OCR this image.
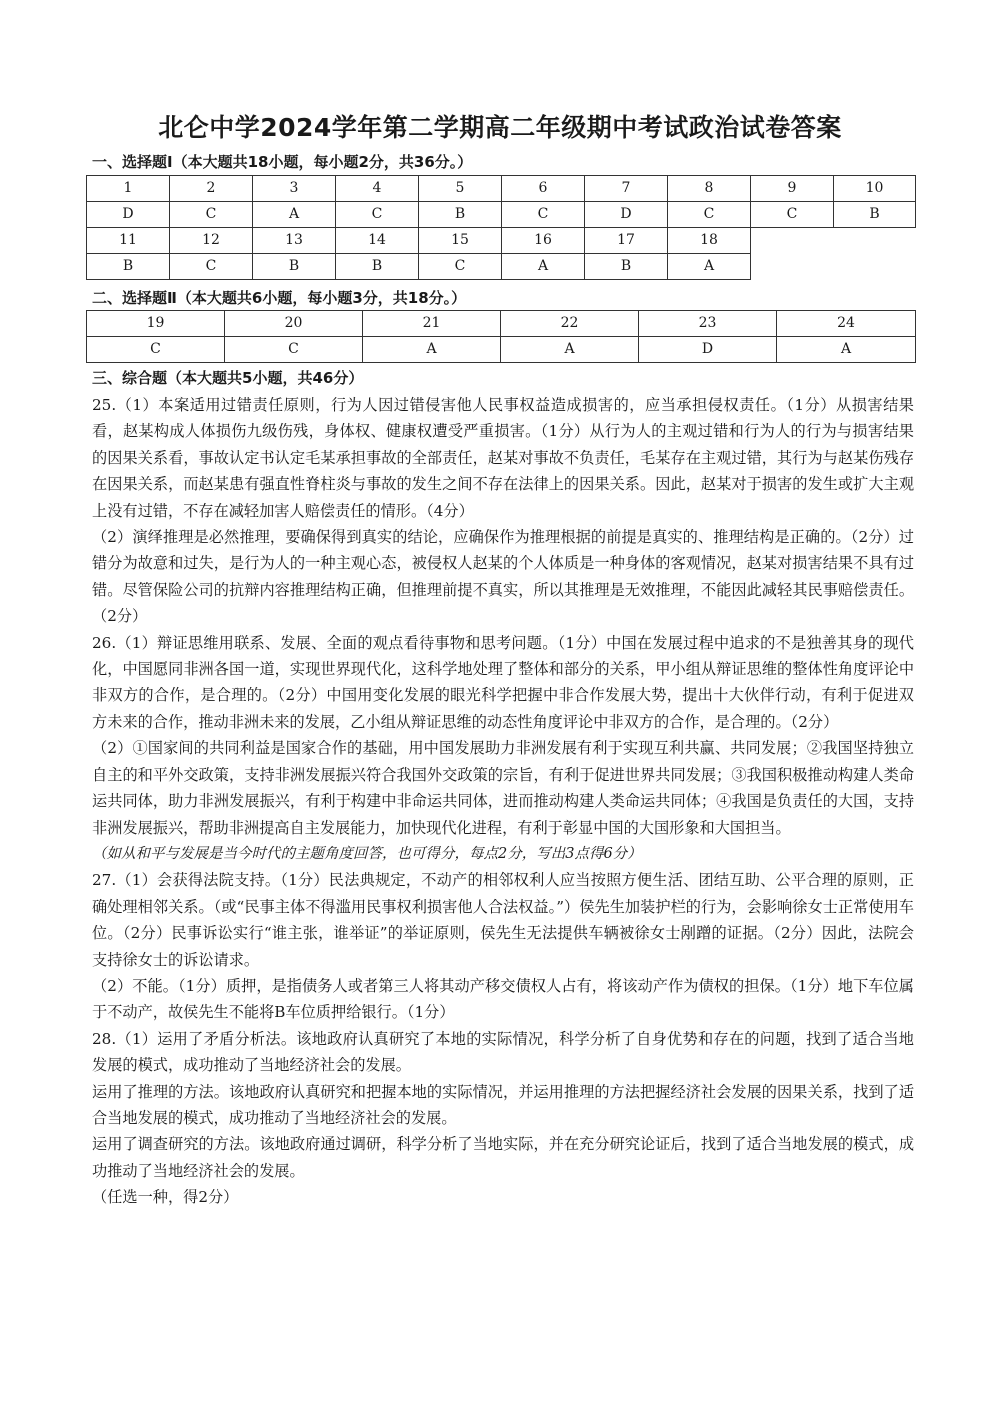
北仑中学2024学年第二学期高二年级期中考试政治试卷答案
一、选择题Ⅰ（本大题共18小题，每小题2分，共36分。）
1	2	3	4	5	6	7	8	9	10
D	C	A	C	B	C	D	C	C	B
11	12	13	14	15	16	17	18		
B	C	B	B	C	A	B	A		
二、选择题Ⅱ（本大题共6小题，每小题3分，共18分。）
19	20	21	22	23	24
C	C	A	A	D	A
三、综合题（本大题共5小题，共46分）

25.（1）本案适用过错责任原则，行为人因过错侵害他人民事权益造成损害的，应当承担侵权责任。（1分）从损害结果看，赵某构成人体损伤九级伤残，身体权、健康权遭受严重损害。（1分）从行为人的主观过错和行为人的行为与损害结果的因果关系看，事故认定书认定毛某承担事故的全部责任，赵某对事故不负责任，毛某存在主观过错，其行为与赵某伤残存在因果关系，而赵某患有强直性脊柱炎与事故的发生之间不存在法律上的因果关系。因此，赵某对于损害的发生或扩大主观上没有过错，不存在减轻加害人赔偿责任的情形。（4分）

（2）演绎推理是必然推理，要确保得到真实的结论，应确保作为推理根据的前提是真实的、推理结构是正确的。（2分）过错分为故意和过失，是行为人的一种主观心态，被侵权人赵某的个人体质是一种身体的客观情况，赵某对损害结果不具有过错。尽管保险公司的抗辩内容推理结构正确，但推理前提不真实，所以其推理是无效推理，不能因此减轻其民事赔偿责任。（2分）

26.（1）辩证思维用联系、发展、全面的观点看待事物和思考问题。（1分）中国在发展过程中追求的不是独善其身的现代化，中国愿同非洲各国一道，实现世界现代化，这科学地处理了整体和部分的关系，甲小组从辩证思维的整体性角度评论中非双方的合作，是合理的。（2分）中国用变化发展的眼光科学把握中非合作发展大势，提出十大伙伴行动，有利于促进双方未来的合作，推动非洲未来的发展，乙小组从辩证思维的动态性角度评论中非双方的合作，是合理的。（2分）

（2）①国家间的共同利益是国家合作的基础，用中国发展助力非洲发展有利于实现互利共赢、共同发展；②我国坚持独立自主的和平外交政策，支持非洲发展振兴符合我国外交政策的宗旨，有利于促进世界共同发展；③我国积极推动构建人类命运共同体，助力非洲发展振兴，有利于构建中非命运共同体，进而推动构建人类命运共同体；④我国是负责任的大国，支持非洲发展振兴，帮助非洲提高自主发展能力，加快现代化进程，有利于彰显中国的大国形象和大国担当。

（如从和平与发展是当今时代的主题角度回答，也可得分，每点2分，写出3点得6分）

27.（1）会获得法院支持。（1分）民法典规定，不动产的相邻权利人应当按照方便生活、团结互助、公平合理的原则，正确处理相邻关系。（或“民事主体不得滥用民事权利损害他人合法权益。”）侯先生加装护栏的行为，会影响徐女士正常使用车位。（2分）民事诉讼实行“谁主张，谁举证”的举证原则，侯先生无法提供车辆被徐女士剐蹭的证据。（2分）因此，法院会支持徐女士的诉讼请求。

（2）不能。（1分）质押，是指债务人或者第三人将其动产移交债权人占有，将该动产作为债权的担保。（1分）地下车位属于不动产，故侯先生不能将B车位质押给银行。（1分）

28.（1）运用了矛盾分析法。该地政府认真研究了本地的实际情况，科学分析了自身优势和存在的问题，找到了适合当地发展的模式，成功推动了当地经济社会的发展。

运用了推理的方法。该地政府认真研究和把握本地的实际情况，并运用推理的方法把握经济社会发展的因果关系，找到了适合当地发展的模式，成功推动了当地经济社会的发展。

运用了调查研究的方法。该地政府通过调研，科学分析了当地实际，并在充分研究论证后，找到了适合当地发展的模式，成功推动了当地经济社会的发展。

（任选一种，得2分）
